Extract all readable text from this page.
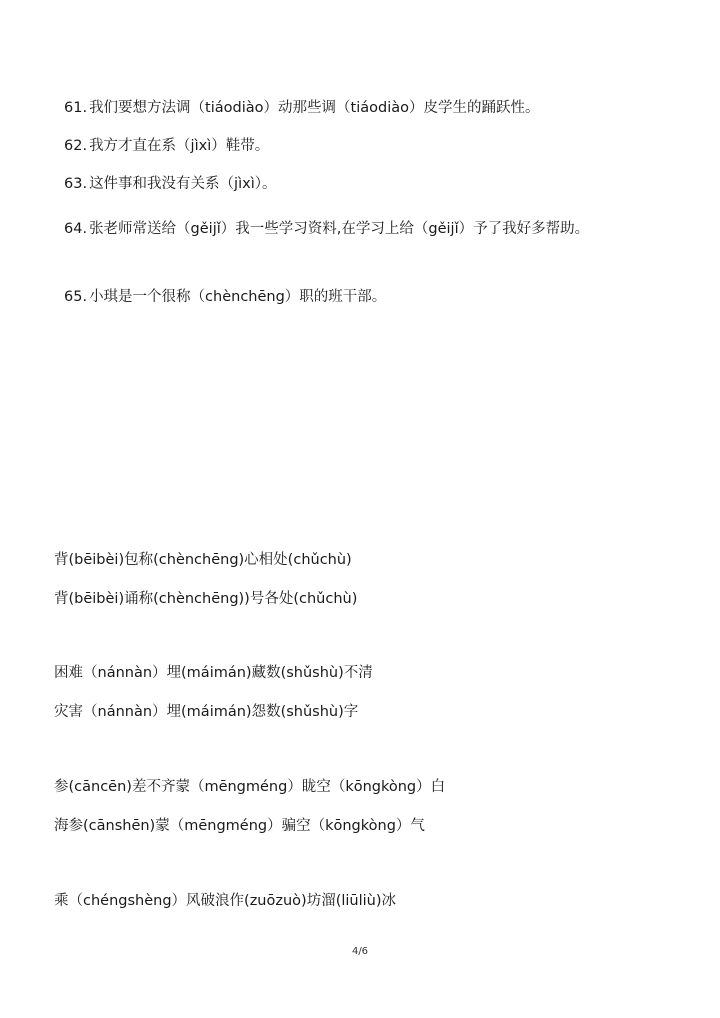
61. 我们要想方法调（tiáodiào）动那些调（tiáodiào）皮学生的踊跃性。

62. 我方才直在系（jìxì）鞋带。

63. 这件事和我没有关系（jìxì）。

64. 张老师常送给（gěijǐ）我一些学习资料,在学习上给（gěijǐ）予了我好多帮助。

65. 小琪是一个很称（chènchēng）职的班干部。

背(bēibèi)包称(chènchēng)心相处(chǔchù)

背(bēibèi)诵称(chènchēng))号各处(chǔchù)

困难（nánnàn）埋(máimán)藏数(shǔshù)不清

灾害（nánnàn）埋(máimán)怨数(shǔshù)字

参(cāncēn)差不齐蒙（mēngméng）眬空（kōngkòng）白

海参(cānshēn)蒙（mēngméng）骗空（kōngkòng）气

乘（chéngshèng）风破浪作(zuōzuò)坊溜(liūliù)冰

4/6
